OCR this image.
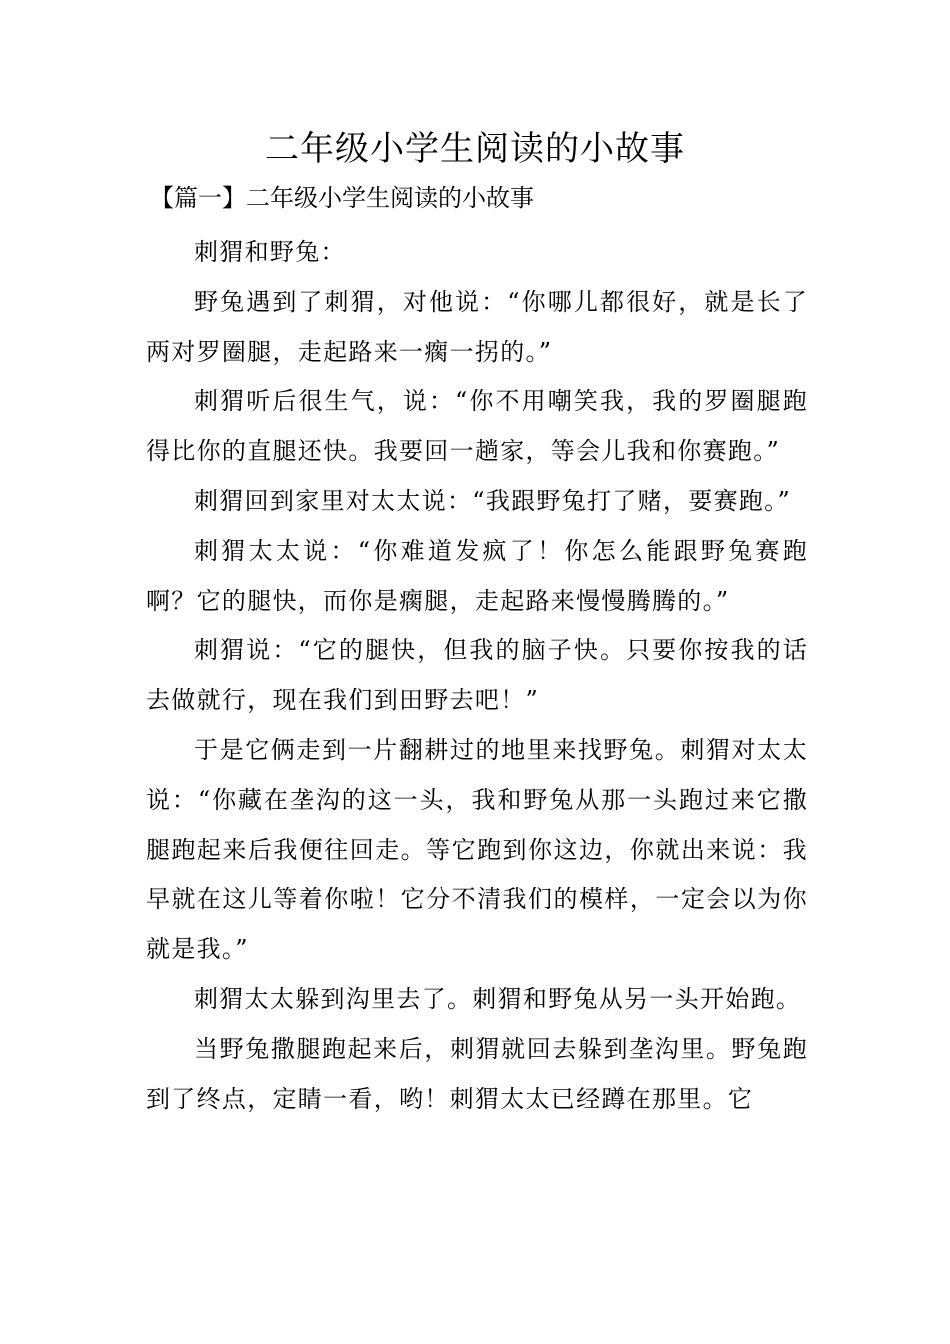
二年级小学生阅读的小故事
【篇一】二年级小学生阅读的小故事

刺猬和野兔：

野兔遇到了刺猬，对他说：“你哪儿都很好，就是长了两对罗圈腿，走起路来一瘸一拐的。”

刺猬听后很生气，说：“你不用嘲笑我，我的罗圈腿跑得比你的直腿还快。我要回一趟家，等会儿我和你赛跑。”

刺猬回到家里对太太说：“我跟野兔打了赌，要赛跑。”

刺猬太太说：“你难道发疯了！你怎么能跟野兔赛跑啊？它的腿快，而你是瘸腿，走起路来慢慢腾腾的。”

刺猬说：“它的腿快，但我的脑子快。只要你按我的话去做就行，现在我们到田野去吧！”

于是它俩走到一片翻耕过的地里来找野兔。刺猬对太太说：“你藏在垄沟的这一头，我和野兔从那一头跑过来它撒腿跑起来后我便往回走。等它跑到你这边，你就出来说：我早就在这儿等着你啦！它分不清我们的模样，一定会以为你就是我。”

刺猬太太躲到沟里去了。刺猬和野兔从另一头开始跑。

当野兔撒腿跑起来后，刺猬就回去躲到垄沟里。野兔跑到了终点，定睛一看，哟！刺猬太太已经蹲在那里。它
